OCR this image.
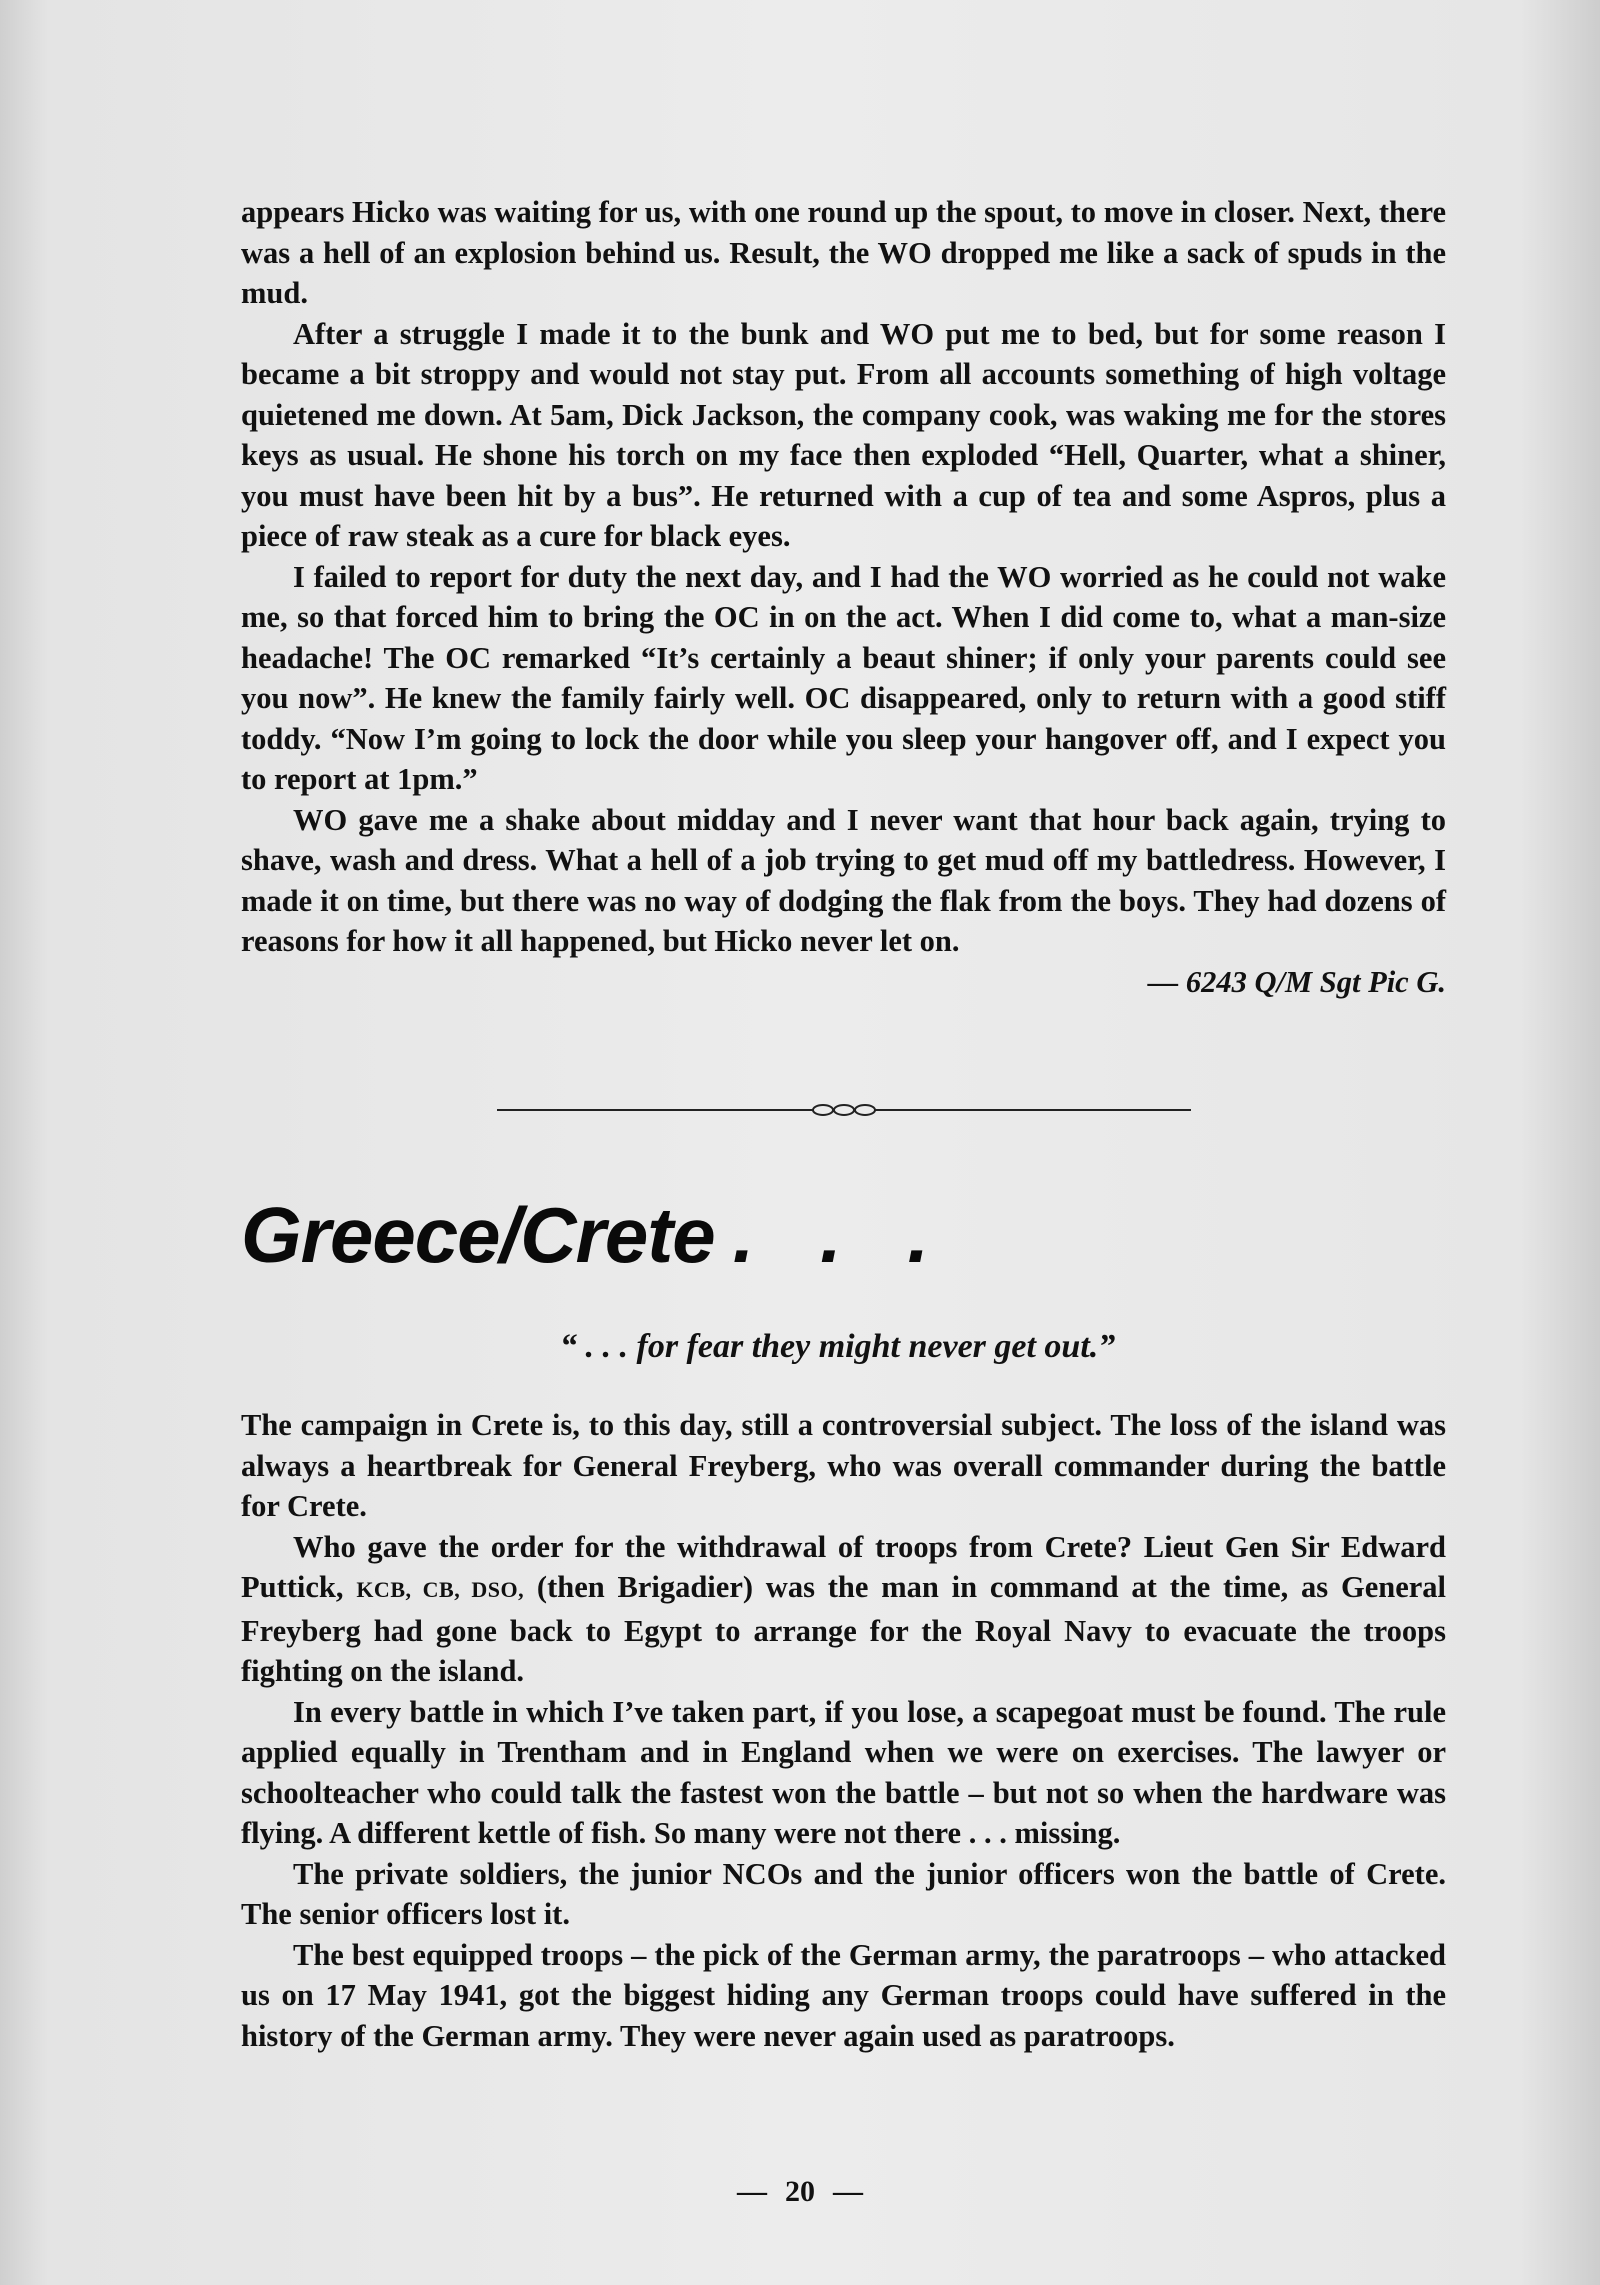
appears Hicko was waiting for us, with one round up the spout, to move in closer. Next, there was a hell of an explosion behind us. Result, the WO dropped me like a sack of spuds in the mud.

After a struggle I made it to the bunk and WO put me to bed, but for some reason I became a bit stroppy and would not stay put. From all accounts something of high voltage quietened me down. At 5am, Dick Jackson, the company cook, was waking me for the stores keys as usual. He shone his torch on my face then exploded “Hell, Quarter, what a shiner, you must have been hit by a bus”. He returned with a cup of tea and some Aspros, plus a piece of raw steak as a cure for black eyes.

I failed to report for duty the next day, and I had the WO worried as he could not wake me, so that forced him to bring the OC in on the act. When I did come to, what a man-size headache! The OC remarked “It’s certainly a beaut shiner; if only your parents could see you now”. He knew the family fairly well. OC disappeared, only to return with a good stiff toddy. “Now I’m going to lock the door while you sleep your hangover off, and I expect you to report at 1pm.”

WO gave me a shake about midday and I never want that hour back again, trying to shave, wash and dress. What a hell of a job trying to get mud off my battledress. However, I made it on time, but there was no way of dodging the flak from the boys. They had dozens of reasons for how it all happened, but Hicko never let on.

— 6243 Q/M Sgt Pic G.

Greece/Crete . . .

“ . . . for fear they might never get out.”

The campaign in Crete is, to this day, still a controversial subject. The loss of the island was always a heartbreak for General Freyberg, who was overall commander during the battle for Crete.

Who gave the order for the withdrawal of troops from Crete? Lieut Gen Sir Edward Puttick, KCB, CB, DSO, (then Brigadier) was the man in command at the time, as General Freyberg had gone back to Egypt to arrange for the Royal Navy to evacuate the troops fighting on the island.

In every battle in which I’ve taken part, if you lose, a scapegoat must be found. The rule applied equally in Trentham and in England when we were on exercises. The lawyer or schoolteacher who could talk the fastest won the battle – but not so when the hardware was flying. A different kettle of fish. So many were not there . . . missing.

The private soldiers, the junior NCOs and the junior officers won the battle of Crete. The senior officers lost it.

The best equipped troops – the pick of the German army, the paratroops – who attacked us on 17 May 1941, got the biggest hiding any German troops could have suffered in the history of the German army. They were never again used as paratroops.

— 20 —
